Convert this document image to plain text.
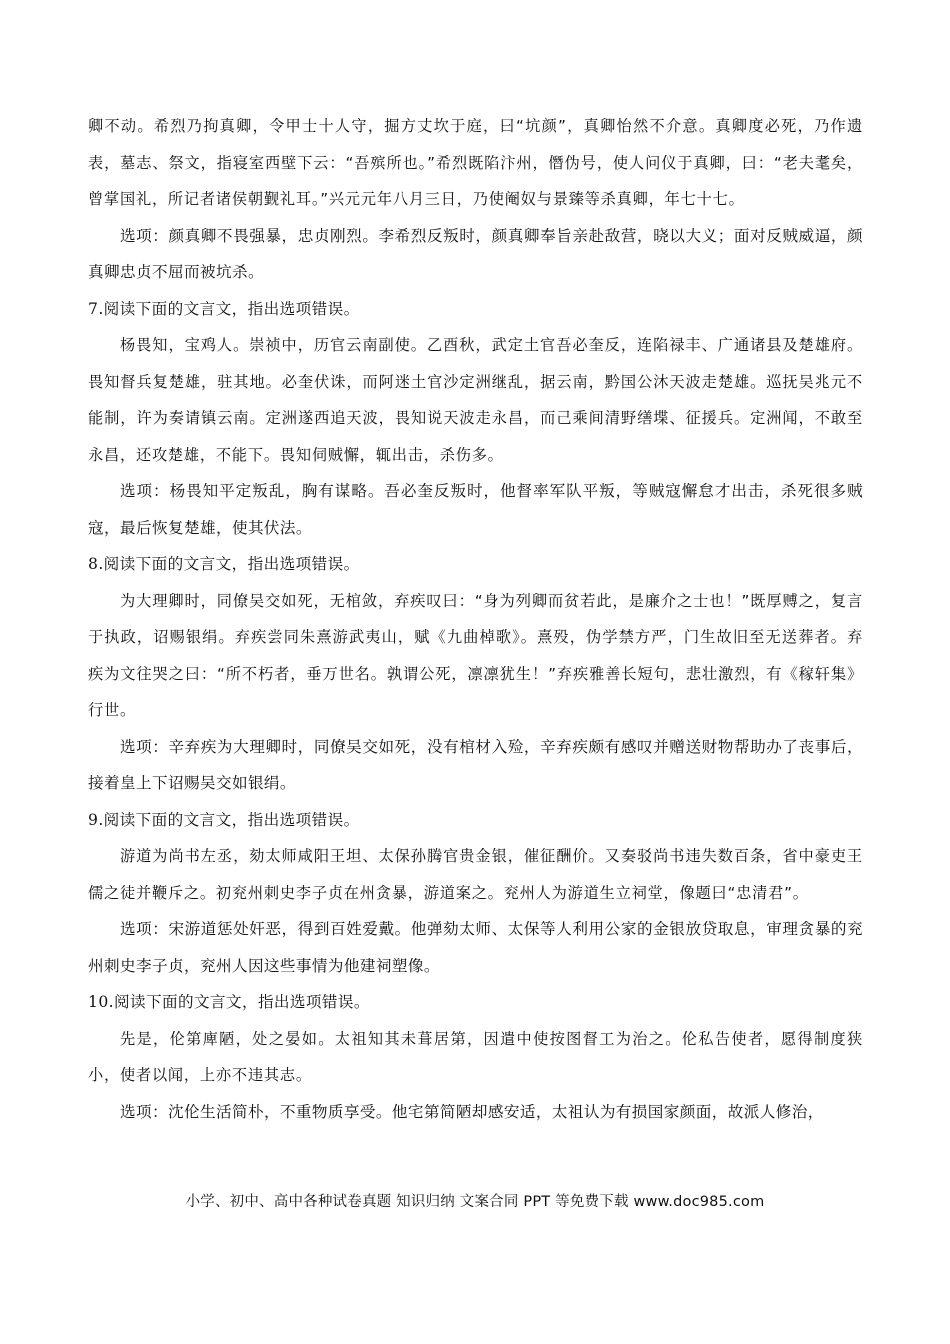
卿不动。希烈乃拘真卿，令甲士十人守，掘方丈坎于庭，曰“坑颜”，真卿怡然不介意。真卿度必死，乃作遗表，墓志、祭文，指寝室西壁下云：“吾殡所也。”希烈既陷汴州，僭伪号，使人问仪于真卿，曰：“老夫耄矣，曾掌国礼，所记者诸侯朝觐礼耳。”兴元元年八月三日，乃使阉奴与景臻等杀真卿，年七十七。

选项：颜真卿不畏强暴，忠贞刚烈。李希烈反叛时，颜真卿奉旨亲赴敌营，晓以大义；面对反贼威逼，颜真卿忠贞不屈而被坑杀。

7.阅读下面的文言文，指出选项错误。

杨畏知，宝鸡人。崇祯中，历官云南副使。乙酉秋，武定土官吾必奎反，连陷禄丰、广通诸县及楚雄府。畏知督兵复楚雄，驻其地。必奎伏诛，而阿迷土官沙定洲继乱，据云南，黔国公沐天波走楚雄。巡抚吴兆元不能制，许为奏请镇云南。定洲遂西追天波，畏知说天波走永昌，而己乘间清野缮堞、征援兵。定洲闻，不敢至永昌，还攻楚雄，不能下。畏知伺贼懈，辄出击，杀伤多。

选项：杨畏知平定叛乱，胸有谋略。吾必奎反叛时，他督率军队平叛，等贼寇懈怠才出击，杀死很多贼寇，最后恢复楚雄，使其伏法。

8.阅读下面的文言文，指出选项错误。

为大理卿时，同僚吴交如死，无棺敛，弃疾叹曰：“身为列卿而贫若此，是廉介之士也！”既厚赙之，复言于执政，诏赐银绢。弃疾尝同朱熹游武夷山，赋《九曲棹歌》。熹殁，伪学禁方严，门生故旧至无送葬者。弃疾为文往哭之曰：“所不朽者，垂万世名。孰谓公死，凛凛犹生！”弃疾雅善长短句，悲壮激烈，有《稼轩集》行世。

选项：辛弃疾为大理卿时，同僚吴交如死，没有棺材入殓，辛弃疾颇有感叹并赠送财物帮助办了丧事后，接着皇上下诏赐吴交如银绢。

9.阅读下面的文言文，指出选项错误。

游道为尚书左丞，劾太师咸阳王坦、太保孙腾官贵金银，催征酬价。又奏驳尚书违失数百条，省中豪吏王儒之徒并鞭斥之。初兖州刺史李子贞在州贪暴，游道案之。兖州人为游道生立祠堂，像题曰“忠清君”。

选项：宋游道惩处奸恶，得到百姓爱戴。他弹劾太师、太保等人利用公家的金银放贷取息，审理贪暴的兖州刺史李子贞，兖州人因这些事情为他建祠塑像。

10.阅读下面的文言文，指出选项错误。

先是，伦第庳陋，处之晏如。太祖知其未葺居第，因遣中使按图督工为治之。伦私告使者，愿得制度狭小，使者以闻，上亦不违其志。

选项：沈伦生活简朴，不重物质享受。他宅第简陋却感安适，太祖认为有损国家颜面，故派人修治，

小学、初中、高中各种试卷真题 知识归纳 文案合同 PPT 等免费下载 www.doc985.com
